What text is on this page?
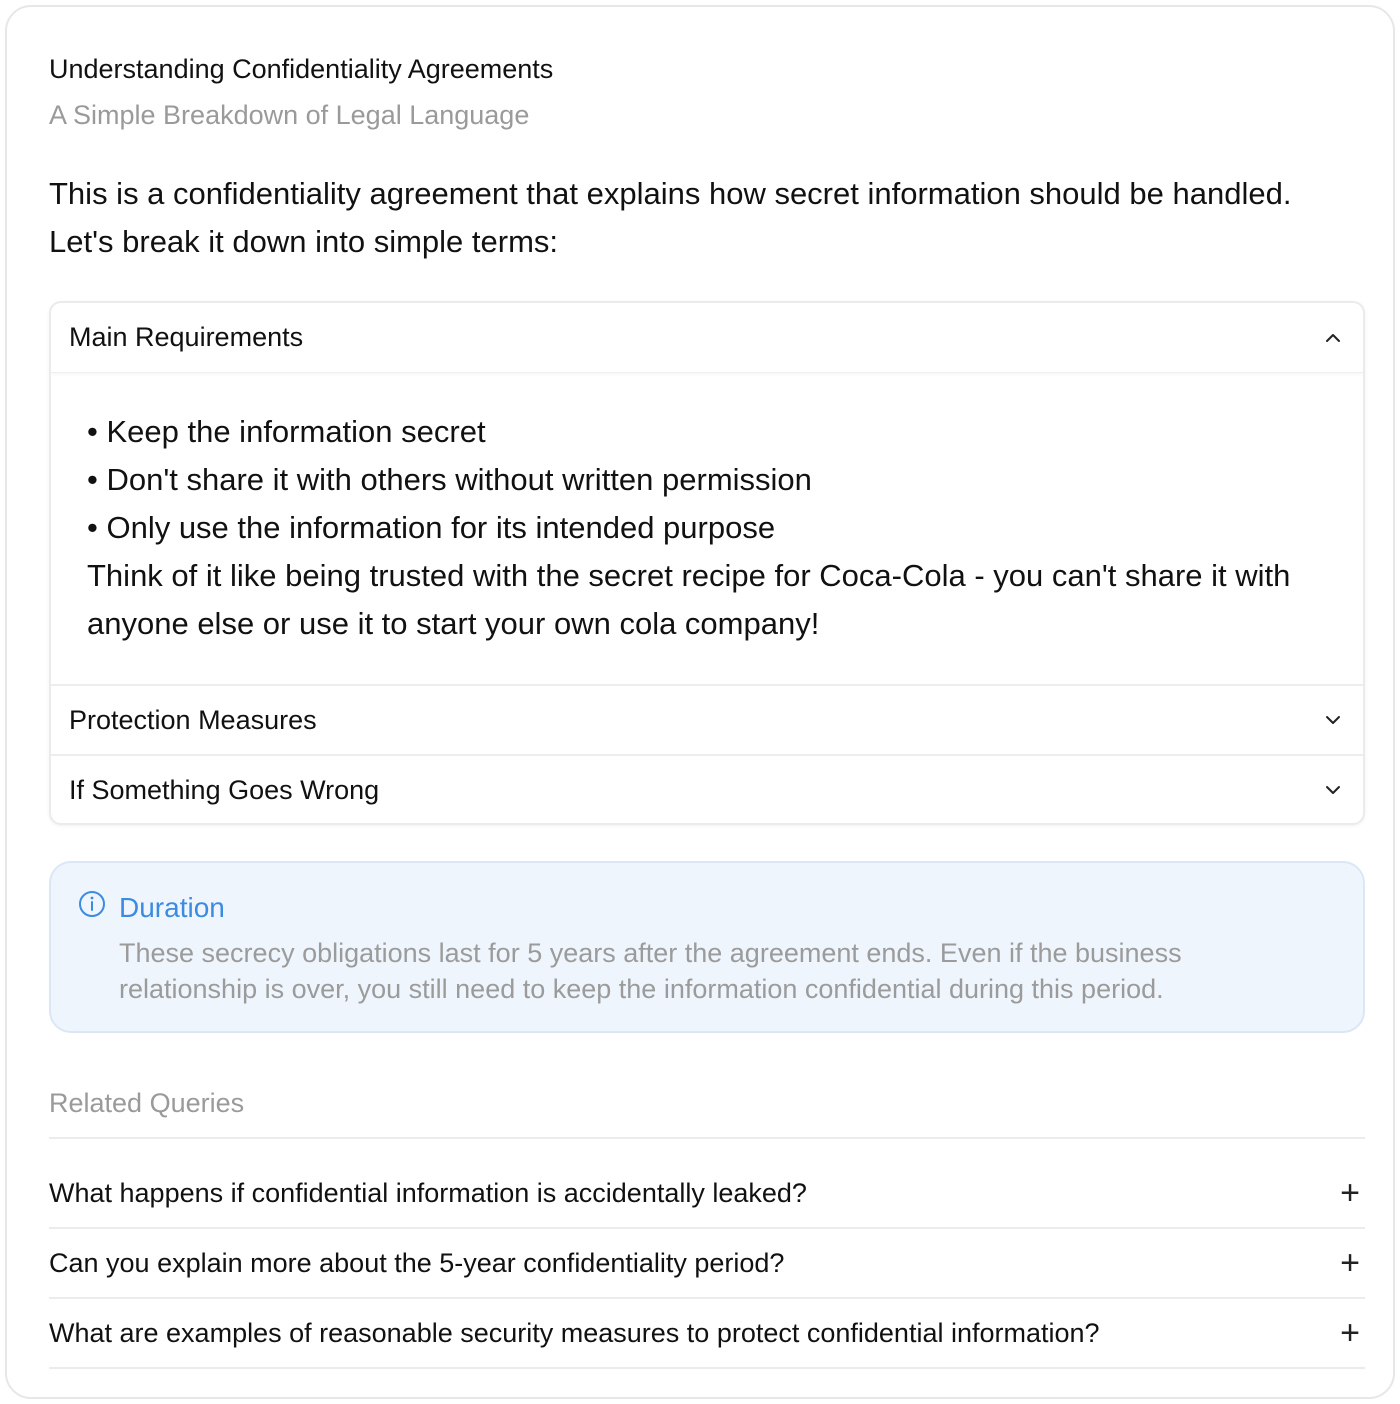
Understanding Confidentiality Agreements
A Simple Breakdown of Legal Language
This is a confidentiality agreement that explains how secret information should be handled.
Let's break it down into simple terms:
Main Requirements
• Keep the information secret
• Don't share it with others without written permission
• Only use the information for its intended purpose
Think of it like being trusted with the secret recipe for Coca-Cola - you can't share it with anyone else or use it to start your own cola company!
Protection Measures
If Something Goes Wrong
Duration
These secrecy obligations last for 5 years after the agreement ends. Even if the business relationship is over, you still need to keep the information confidential during this period.
Related Queries
What happens if confidential information is accidentally leaked?	+
Can you explain more about the 5-year confidentiality period?	+
What are examples of reasonable security measures to protect confidential information?	+
